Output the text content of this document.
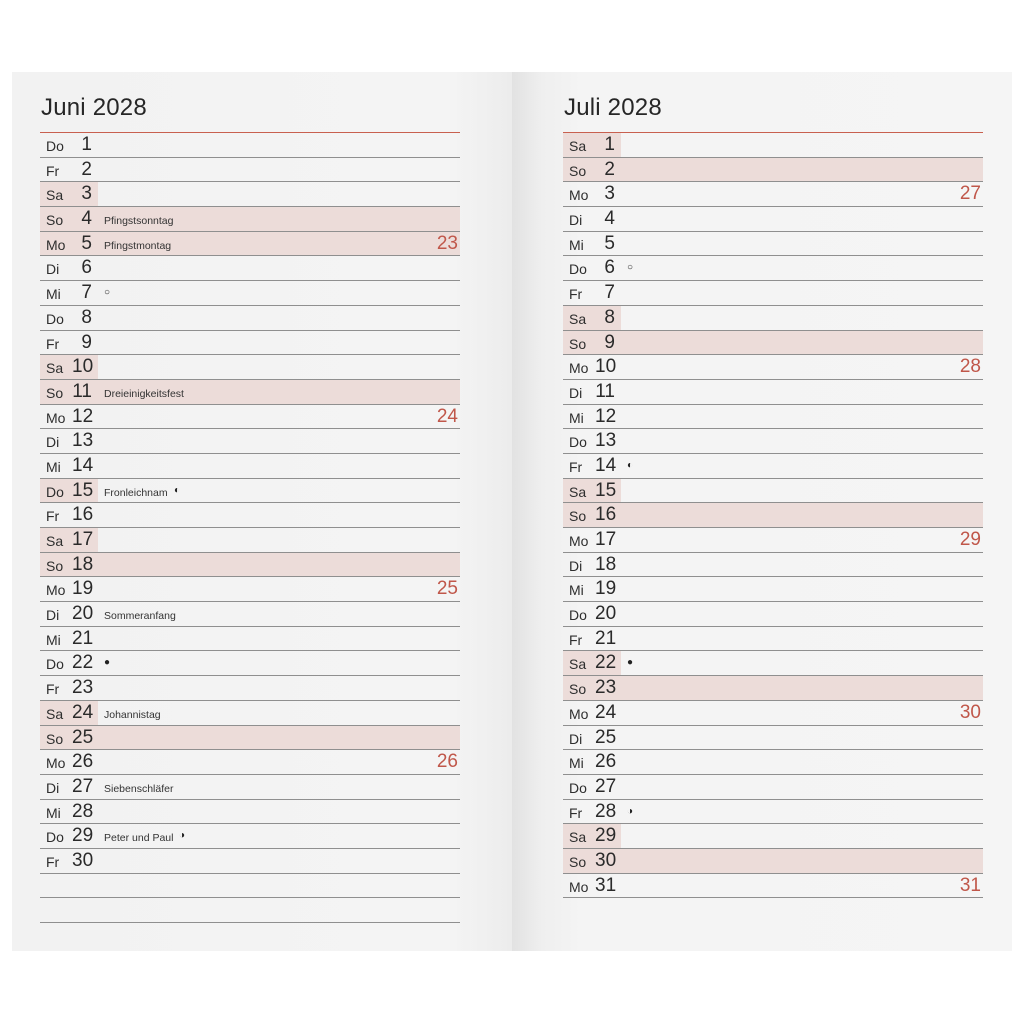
Juni 2028
Do 1
Fr	2
Sa 3
So 4 Pfingstsonntag
Mo 5 Pfingstmontag	23
Di	6
Mi	7 ○
Do 8
Fr	9
Sa 10
So 11 Dreieinigkeitsfest
Mo 12	24
Di 13
Mi 14
Do 15 Fronleichnam ◐
Fr 16
Sa 17
So 18
Mo 19	25
Di 20 Sommeranfang
Mi 21
Do 22 ●
Fr 23
Sa 24 Johannistag
So 25
Mo 26	26
Di 27 Siebenschläfer
Mi 28
Do 29 Peter und Paul ◑
Fr 30
Juli 2028
Sa 1
So 2
Mo 3	27
Di	4
Mi	5
Do 6 ○
Fr	7
Sa 8
So 9
Mo 10	28
Di 11
Mi 12
Do 13
Fr 14 ◐
Sa 15
So 16
Mo 17	29
Di 18
Mi 19
Do 20
Fr 21
Sa 22 ●
So 23
Mo 24	30
Di 25
Mi 26
Do 27
Fr 28 ◑
Sa 29
So 30
Mo 31	31
